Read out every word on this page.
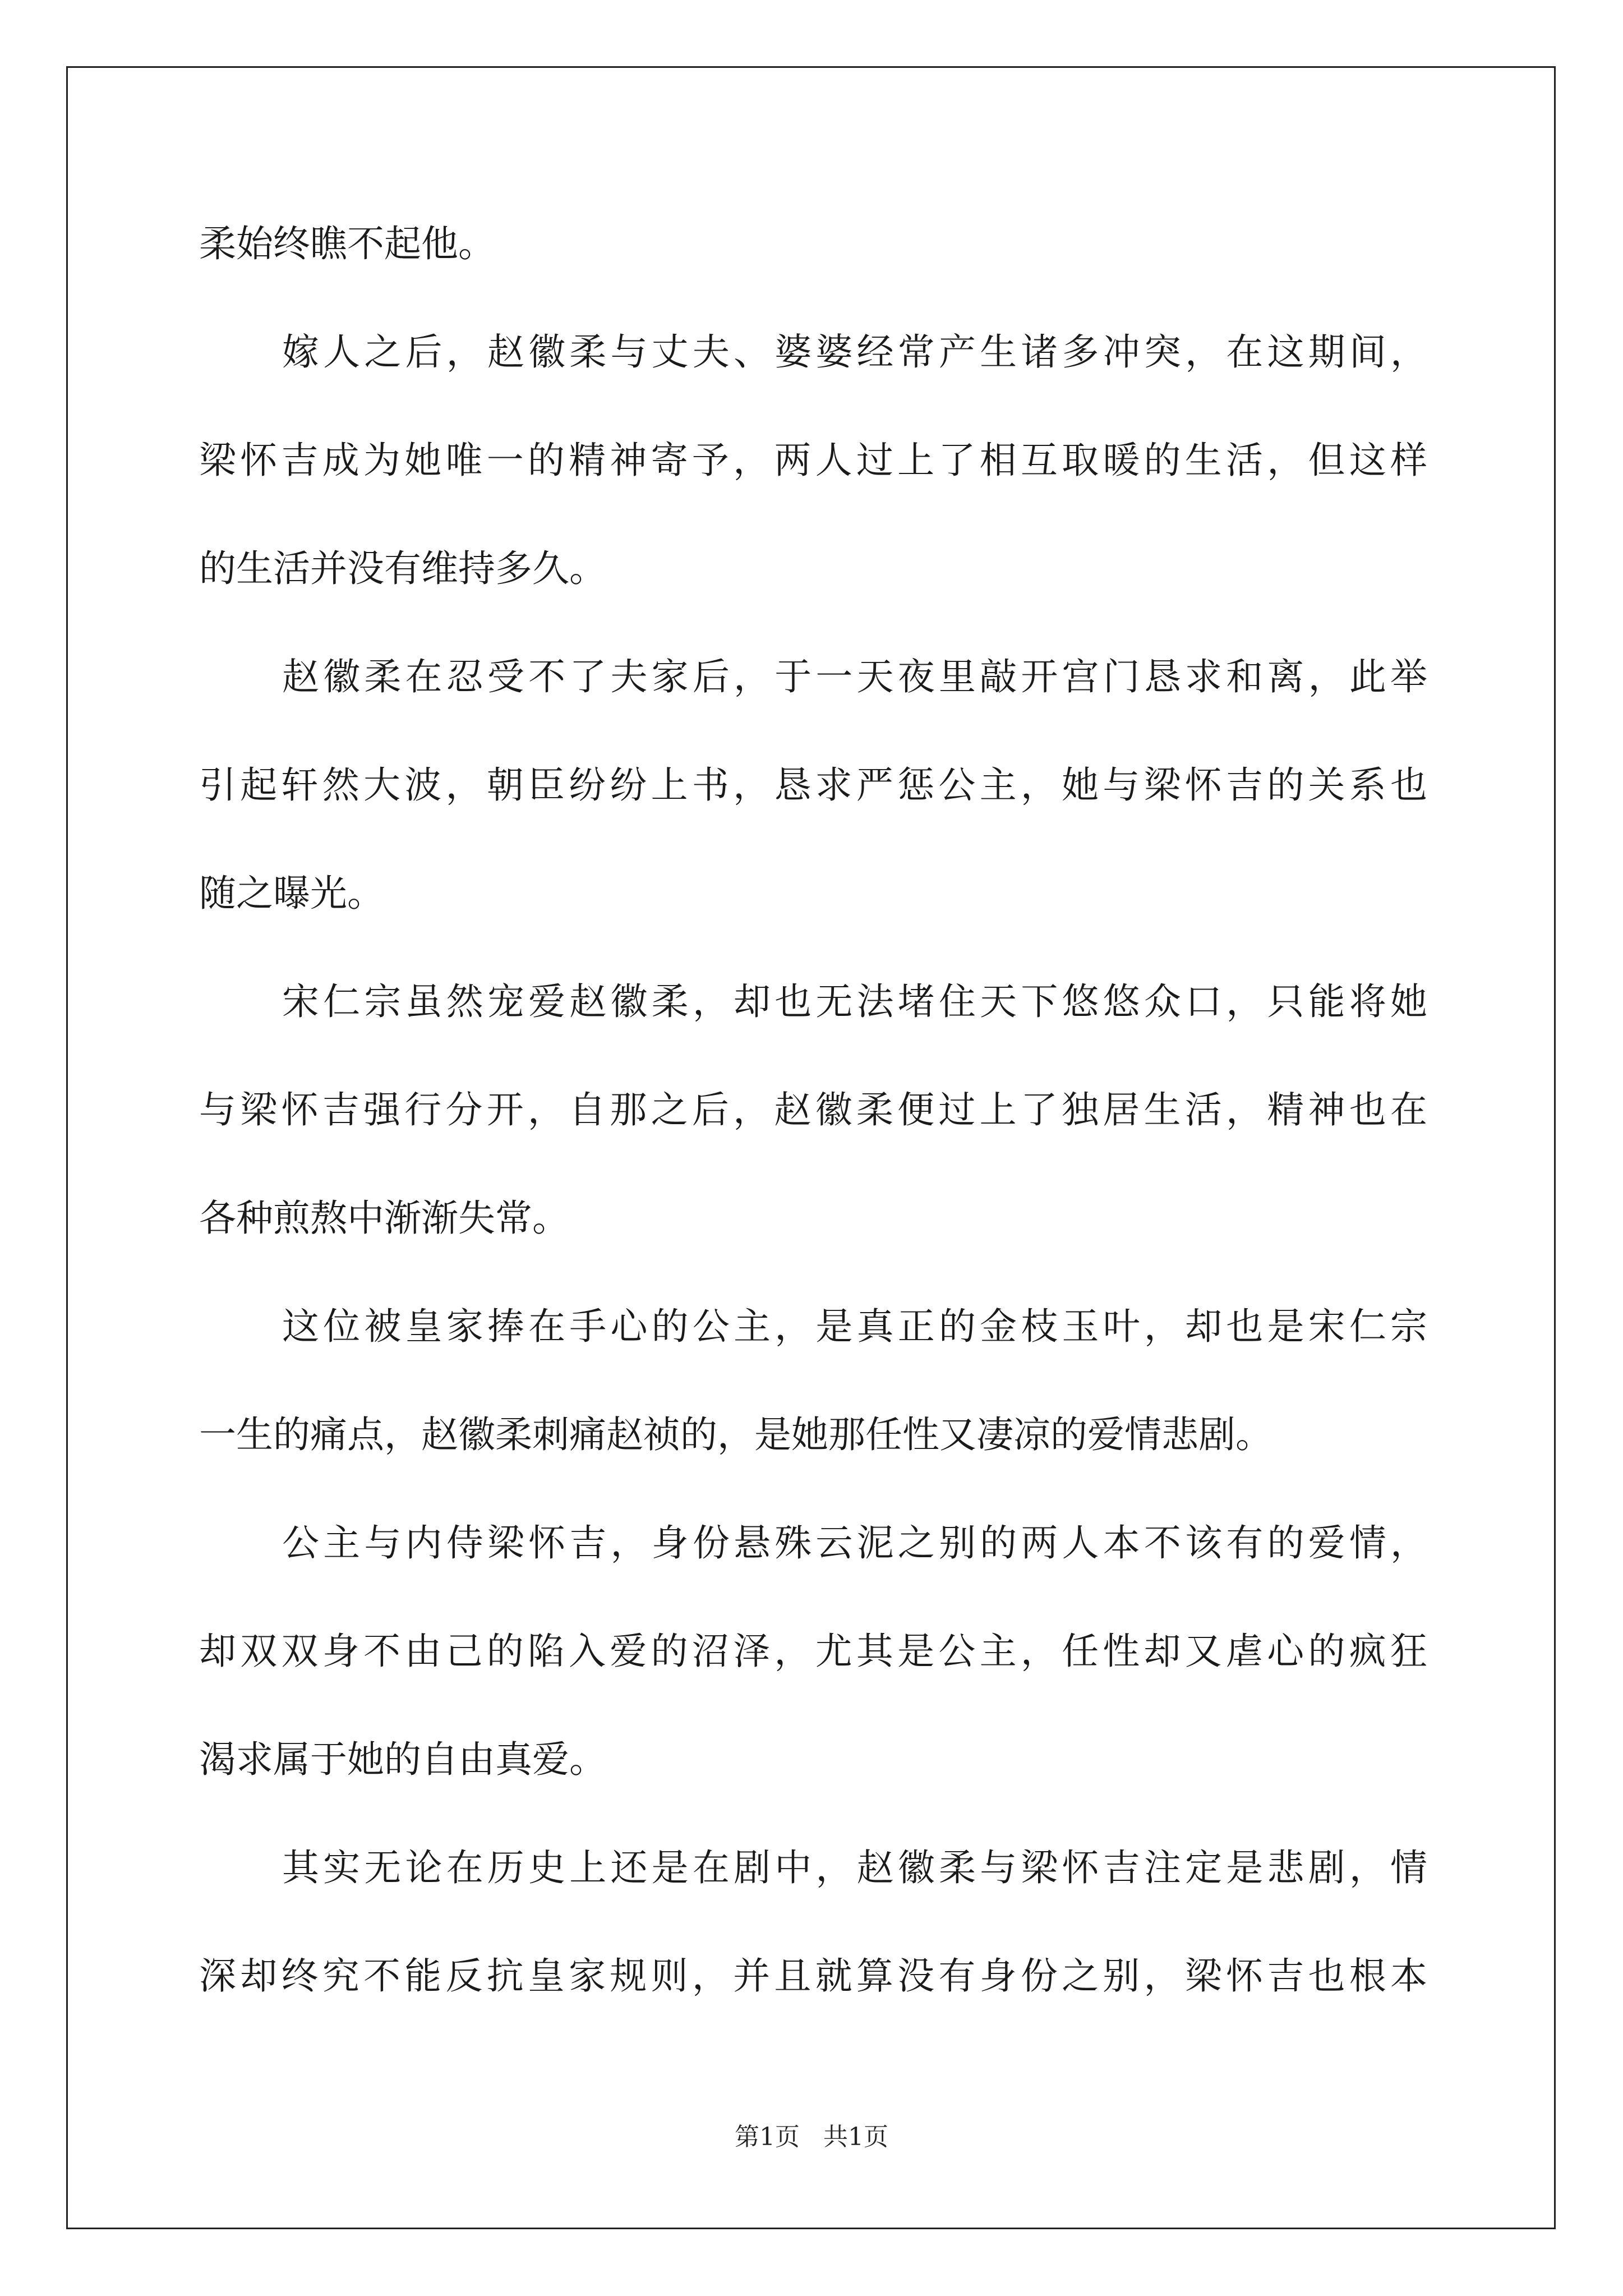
柔始终瞧不起他。
嫁人之后，赵徽柔与丈夫、婆婆经常产生诸多冲突，在这期间，
梁怀吉成为她唯一的精神寄予，两人过上了相互取暖的生活，但这样
的生活并没有维持多久。
赵徽柔在忍受不了夫家后，于一天夜里敲开宫门恳求和离，此举
引起轩然大波，朝臣纷纷上书，恳求严惩公主，她与梁怀吉的关系也
随之曝光。
宋仁宗虽然宠爱赵徽柔，却也无法堵住天下悠悠众口，只能将她
与梁怀吉强行分开，自那之后，赵徽柔便过上了独居生活，精神也在
各种煎熬中渐渐失常。
这位被皇家捧在手心的公主，是真正的金枝玉叶，却也是宋仁宗
一生的痛点，赵徽柔刺痛赵祯的，是她那任性又凄凉的爱情悲剧。
公主与内侍梁怀吉，身份悬殊云泥之别的两人本不该有的爱情，
却双双身不由己的陷入爱的沼泽，尤其是公主，任性却又虐心的疯狂
渴求属于她的自由真爱。
其实无论在历史上还是在剧中，赵徽柔与梁怀吉注定是悲剧，情
深却终究不能反抗皇家规则，并且就算没有身份之别，梁怀吉也根本
第1页 共1页
